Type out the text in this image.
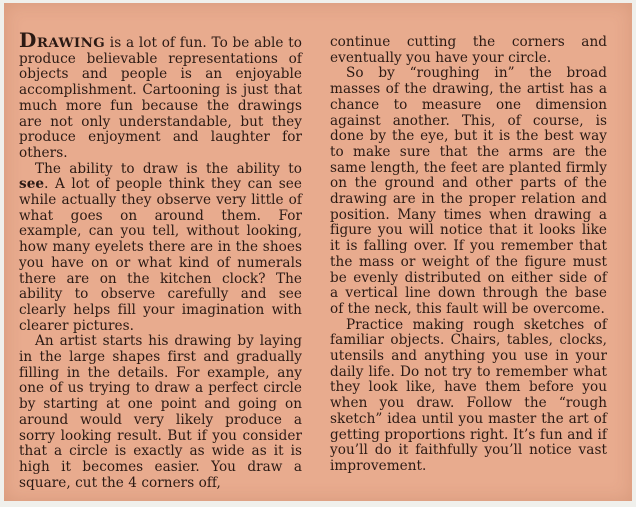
DRAWING is a lot of fun. To be able to produce believable representations of objects and people is an enjoyable accomplishment. Cartooning is just that much more fun because the drawings are not only understandable, but they produce enjoyment and laughter for others.

The ability to draw is the ability to see. A lot of people think they can see while actually they observe very little of what goes on around them. For example, can you tell, without looking, how many eyelets there are in the shoes you have on or what kind of numerals there are on the kitchen clock? The ability to observe carefully and see clearly helps fill your imagination with clearer pictures.

An artist starts his drawing by laying in the large shapes first and gradually filling in the details. For example, any one of us trying to draw a perfect circle by starting at one point and going on around would very likely produce a sorry looking result. But if you consider that a circle is exactly as wide as it is high it becomes easier. You draw a square, cut the 4 corners off,

continue cutting the corners and eventually you have your circle.

So by “roughing in” the broad masses of the drawing, the artist has a chance to measure one dimension against another. This, of course, is done by the eye, but it is the best way to make sure that the arms are the same length, the feet are planted firmly on the ground and other parts of the drawing are in the proper relation and position. Many times when drawing a figure you will notice that it looks like it is falling over. If you remember that the mass or weight of the figure must be evenly distributed on either side of a vertical line down through the base of the neck, this fault will be overcome.

Practice making rough sketches of familiar objects. Chairs, tables, clocks, utensils and anything you use in your daily life. Do not try to remember what they look like, have them before you when you draw. Follow the “rough sketch” idea until you master the art of getting proportions right. It’s fun and if you’ll do it faithfully you’ll notice vast improvement.
